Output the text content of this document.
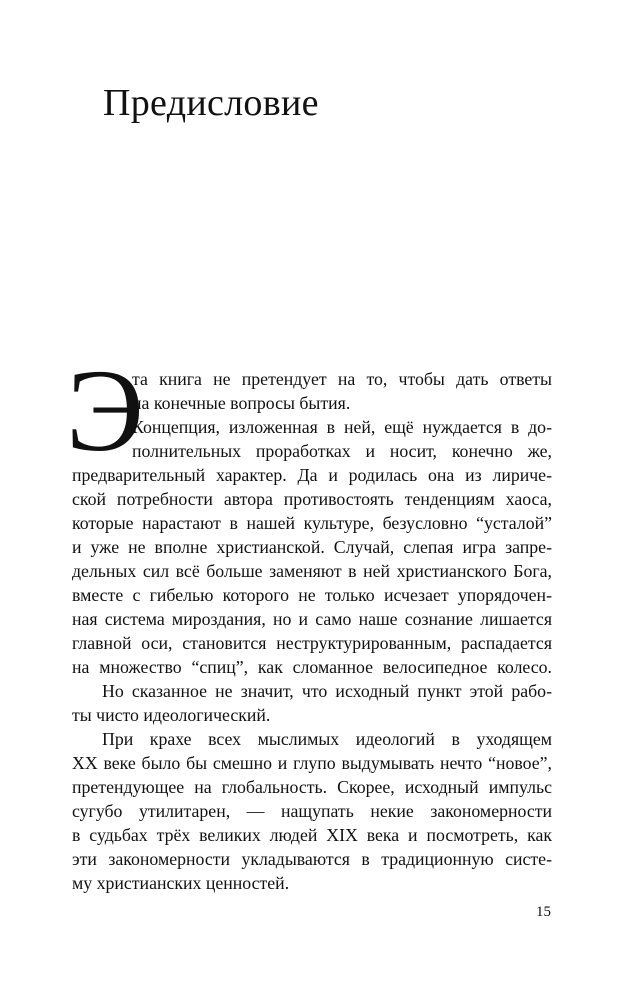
Предисловие
Э
та книга не претендует на то, чтобы дать ответы
на конечные вопросы бытия.
Концепция, изложенная в ней, ещё нуждается в до-
полнительных проработках и носит, конечно же,
предварительный характер. Да и родилась она из лириче-
ской потребности автора противостоять тенденциям хаоса,
которые нарастают в нашей культуре, безусловно “усталой”
и уже не вполне христианской. Случай, слепая игра запре-
дельных сил всё больше заменяют в ней христианского Бога,
вместе с гибелью которого не только исчезает упорядочен-
ная система мироздания, но и само наше сознание лишается
главной оси, становится неструктурированным, распадается
на множество “спиц”, как сломанное велосипедное колесо.
Но сказанное не значит, что исходный пункт этой рабо-
ты чисто идеологический.
При крахе всех мыслимых идеологий в уходящем
XX веке было бы смешно и глупо выдумывать нечто “новое”,
претендующее на глобальность. Скорее, исходный импульс
сугубо утилитарен, — нащупать некие закономерности
в судьбах трёх великих людей XIX века и посмотреть, как
эти закономерности укладываются в традиционную систе-
му христианских ценностей.
15
